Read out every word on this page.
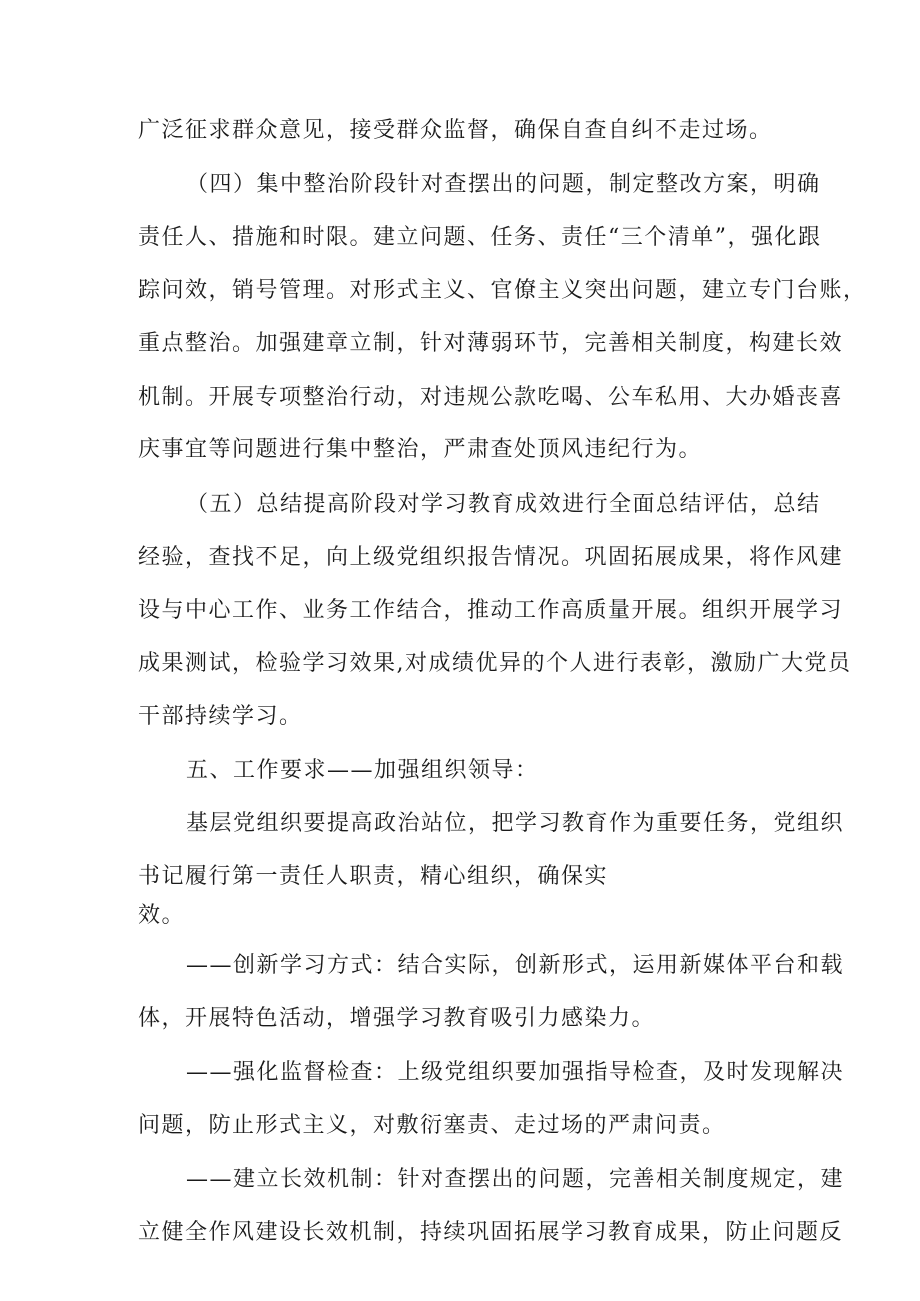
广泛征求群众意见，接受群众监督，确保自查自纠不走过场。
（四）集中整治阶段针对查摆出的问题，制定整改方案，明确
责任人、措施和时限。建立问题、任务、责任“三个清单”，强化跟
踪问效，销号管理。对形式主义、官僚主义突出问题，建立专门台账，
重点整治。加强建章立制，针对薄弱环节，完善相关制度，构建长效
机制。开展专项整治行动，对违规公款吃喝、公车私用、大办婚丧喜
庆事宜等问题进行集中整治，严肃查处顶风违纪行为。
（五）总结提高阶段对学习教育成效进行全面总结评估，总结
经验，查找不足，向上级党组织报告情况。巩固拓展成果，将作风建
设与中心工作、业务工作结合，推动工作高质量开展。组织开展学习
成果测试，检验学习效果,对成绩优异的个人进行表彰，激励广大党员
干部持续学习。
五、工作要求——加强组织领导：
基层党组织要提高政治站位，把学习教育作为重要任务，党组织
书记履行第一责任人职责，精心组织，确保实
效。
——创新学习方式：结合实际，创新形式，运用新媒体平台和载
体，开展特色活动，增强学习教育吸引力感染力。
——强化监督检查：上级党组织要加强指导检查，及时发现解决
问题，防止形式主义，对敷衍塞责、走过场的严肃问责。
——建立长效机制：针对查摆出的问题，完善相关制度规定，建
立健全作风建设长效机制，持续巩固拓展学习教育成果，防止问题反
